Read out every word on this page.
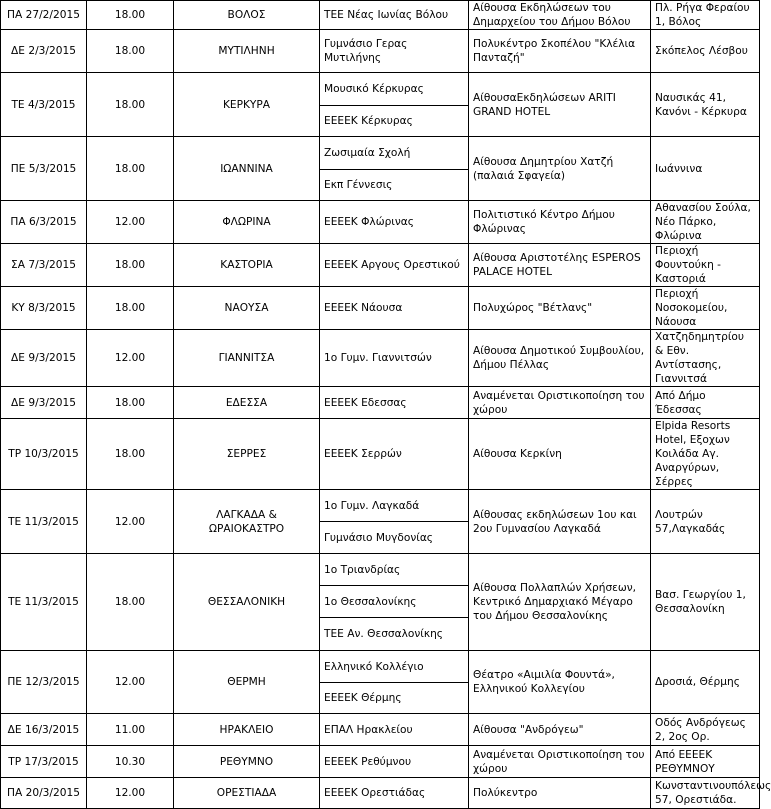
ΠΑ 27/2/2015	18.00	ΒΟΛΟΣ	ΤΕΕ Νέας Ιωνίας Βόλου	Αίθουσα Εκδηλώσεων του Δημαρχείου του Δήμου Βόλου	Πλ. Ρήγα Φεραίου 1, Βόλος
ΔΕ 2/3/2015	18.00	ΜΥΤΙΛΗΝΗ	Γυμνάσιο Γερας Μυτιλήνης	Πολυκέντρο Σκοπέλου "Κλέλια Πανταζή"	Σκόπελος Λέσβου
ΤΕ 4/3/2015	18.00	ΚΕΡΚΥΡΑ	Μουσικό Κέρκυρας	ΑίθουσαΕκδηλώσεων ARITI GRAND HOTEL	Ναυσικάς 41, Κανόνι - Κέρκυρα
			ΕΕΕΕΚ Κέρκυρας		
ΠΕ 5/3/2015	18.00	ΙΩΑΝΝΙΝΑ	Ζωσιμαία Σχολή	Αίθουσα Δημητρίου Χατζή (παλαιά Σφαγεία)	Ιωάννινα
			Εκπ Γέννεσις		
ΠΑ 6/3/2015	12.00	ΦΛΩΡΙΝΑ	ΕΕΕΕΚ Φλώρινας	Πολιτιστικό Κέντρο Δήμου Φλώρινας	Αθανασίου Σούλα, Νέο Πάρκο, Φλώρινα
ΣΑ 7/3/2015	18.00	ΚΑΣΤΟΡΙΑ	ΕΕΕΕΚ Αργους Ορεστικού	Αίθουσα Αριστοτέλης ESPEROS PALACE HOTEL	Περιοχή Φουντούκη - Καστοριά
ΚΥ 8/3/2015	18.00	ΝΑΟΥΣΑ	ΕΕΕΕΚ Νάουσα	Πολυχώρος "Βέτλανς"	Περιοχή Νοσοκομείου, Νάουσα
ΔΕ 9/3/2015	12.00	ΓΙΑΝΝΙΤΣΑ	1ο Γυμν. Γιαννιτσών	Αίθουσα Δημοτικού Συμβουλίου, Δήμου Πέλλας	Χατζηδημητρίου & Εθν. Αντίστασης, Γιαννιτσά
ΔΕ 9/3/2015	18.00	ΕΔΕΣΣΑ	ΕΕΕΕΚ Εδεσσας	Αναμένεται Οριστικοποίηση του χώρου	Από Δήμο Έδεσσας
ΤΡ 10/3/2015	18.00	ΣΕΡΡΕΣ	ΕΕΕΕΚ Σερρών	Αίθουσα Κερκίνη	Elpida Resorts Hotel, Εξοχων Κοιλάδα Αγ. Αναργύρων, Σέρρες
ΤΕ 11/3/2015	12.00	ΛΑΓΚΑΔΑ & ΩΡΑΙΟΚΑΣΤΡΟ	1ο Γυμν. Λαγκαδά	Αίθουσας εκδηλώσεων 1ου και 2ου Γυμνασίου Λαγκαδά	Λουτρών 57,Λαγκαδάς
			Γυμνάσιο Μυγδονίας		
ΤΕ 11/3/2015	18.00	ΘΕΣΣΑΛΟΝΙΚΗ	1ο Τριανδρίας	Αίθουσα Πολλαπλών Χρήσεων, Κεντρικό Δημαρχιακό Μέγαρο του Δήμου Θεσσαλονίκης	Βασ. Γεωργίου 1, Θεσσαλονίκη
			1ο Θεσσαλονίκης		
			ΤΕΕ Αν. Θεσσαλονίκης		
ΠΕ 12/3/2015	12.00	ΘΕΡΜΗ	Ελληνικό Κολλέγιο	Θέατρο «Αιμιλία Φουντά», Ελληνικού Κολλεγίου	Δροσιά, Θέρμης
			ΕΕΕΕΚ Θέρμης		
ΔΕ 16/3/2015	11.00	ΗΡΑΚΛΕΙΟ	ΕΠΑΛ Ηρακλείου	Αίθουσα "Ανδρόγεω"	Οδός Ανδρόγεως 2, 2ος Ορ.
ΤΡ 17/3/2015	10.30	ΡΕΘΥΜΝΟ	ΕΕΕΕΚ Ρεθύμνου	Αναμένεται Οριστικοποίηση του χώρου	Από ΕΕΕΕΚ ΡΕΘΥΜΝΟΥ
ΠΑ 20/3/2015	12.00	ΟΡΕΣΤΙΑΔΑ	ΕΕΕΕΚ Ορεστιάδας	Πολύκεντρο	Κωνσταντινουπόλεως 57, Ορεστιάδα.
